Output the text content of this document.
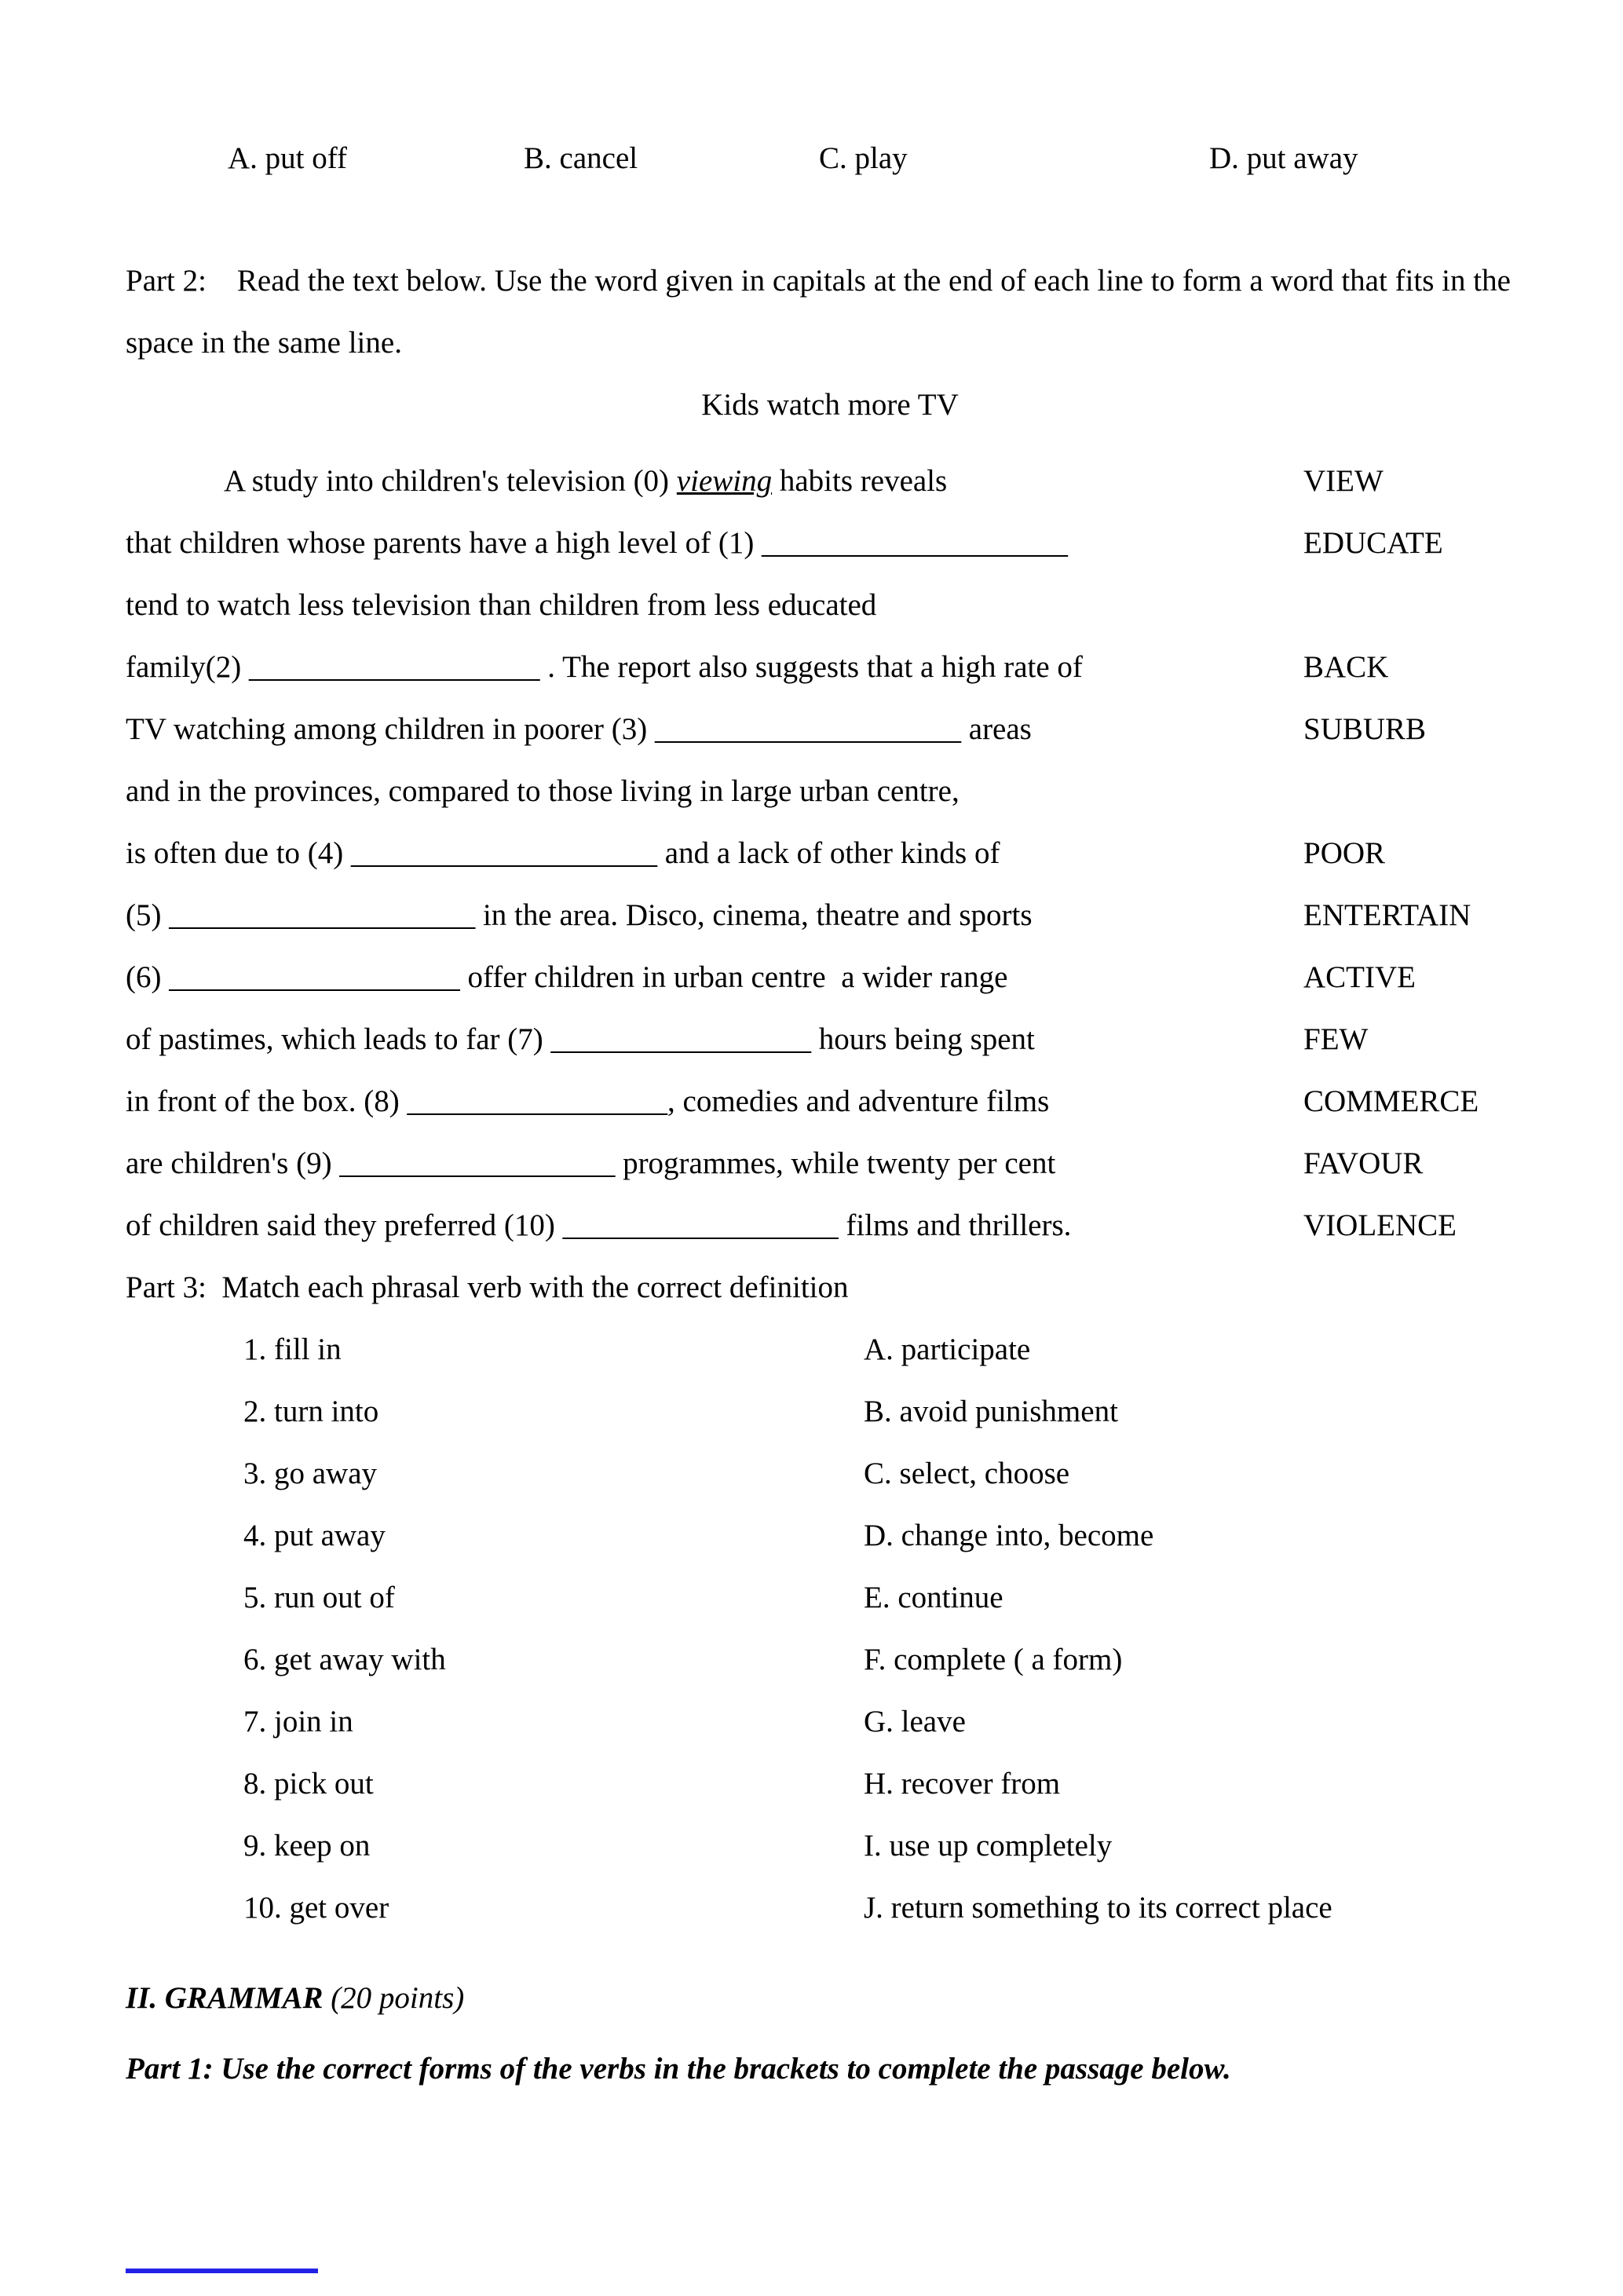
A. put off	B. cancel	C. play	D. put away
Part 2:    Read the text below. Use the word given in capitals at the end of each line to form a word that fits in the space in the same line.
Kids watch more TV
A study into children's television (0) viewing habits reveals	VIEW
that children whose parents have a high level of (1) ____________________	EDUCATE
tend to watch less television than children from less educated
family(2) ___________________ . The report also suggests that a high rate of	BACK
TV watching among children in poorer (3) ____________________ areas	SUBURB
and in the provinces, compared to those living in large urban centre,
is often due to (4) ____________________ and a lack of other kinds of	POOR
(5) ____________________ in the area. Disco, cinema, theatre and sports	ENTERTAIN
(6) ___________________ offer children in urban centre  a wider range	ACTIVE
of pastimes, which leads to far (7) _________________ hours being spent	FEW
in front of the box. (8) _________________, comedies and adventure films	COMMERCE
are children's (9) __________________ programmes, while twenty per cent	FAVOUR
of children said they preferred (10) __________________ films and thrillers.	VIOLENCE
Part 3:  Match each phrasal verb with the correct definition
1. fill in	A. participate
2. turn into	B. avoid punishment
3. go away	C. select, choose
4. put away	D. change into, become
5. run out of	E. continue
6. get away with	F. complete ( a form)
7. join in	G. leave
8. pick out	H. recover from
9. keep on	I. use up completely
10. get over	J. return something to its correct place
II. GRAMMAR (20 points)
Part 1: Use the correct forms of the verbs in the brackets to complete the passage below.
